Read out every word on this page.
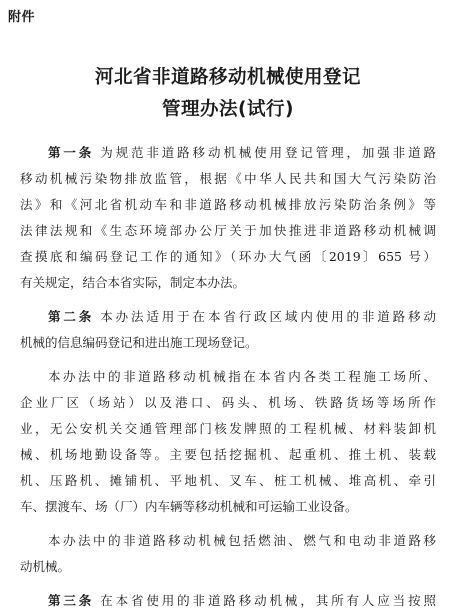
附件
河北省非道路移动机械使用登记
管理办法(试行)
第一条 为规范非道路移动机械使用登记管理，加强非道路
移动机械污染物排放监管，根据《中华人民共和国大气污染防治
法》和《河北省机动车和非道路移动机械排放污染防治条例》等
法律法规和《生态环境部办公厅关于加快推进非道路移动机械调
查摸底和编码登记工作的通知》（环办大气函〔2019〕655 号）
有关规定，结合本省实际，制定本办法。
第二条 本办法适用于在本省行政区域内使用的非道路移动
机械的信息编码登记和进出施工现场登记。
本办法中的非道路移动机械指在本省内各类工程施工场所、
企业厂区（场站）以及港口、码头、机场、铁路货场等场所作
业，无公安机关交通管理部门核发牌照的工程机械、材料装卸机
械、机场地勤设备等。主要包括挖掘机、起重机、推土机、装载
机、压路机、摊铺机、平地机、叉车、桩工机械、堆高机、牵引
车、摆渡车、场（厂）内车辆等移动机械和可运输工业设备。
本办法中的非道路移动机械包括燃油、燃气和电动非道路移
动机械。
第三条 在本省使用的非道路移动机械，其所有人应当按照
